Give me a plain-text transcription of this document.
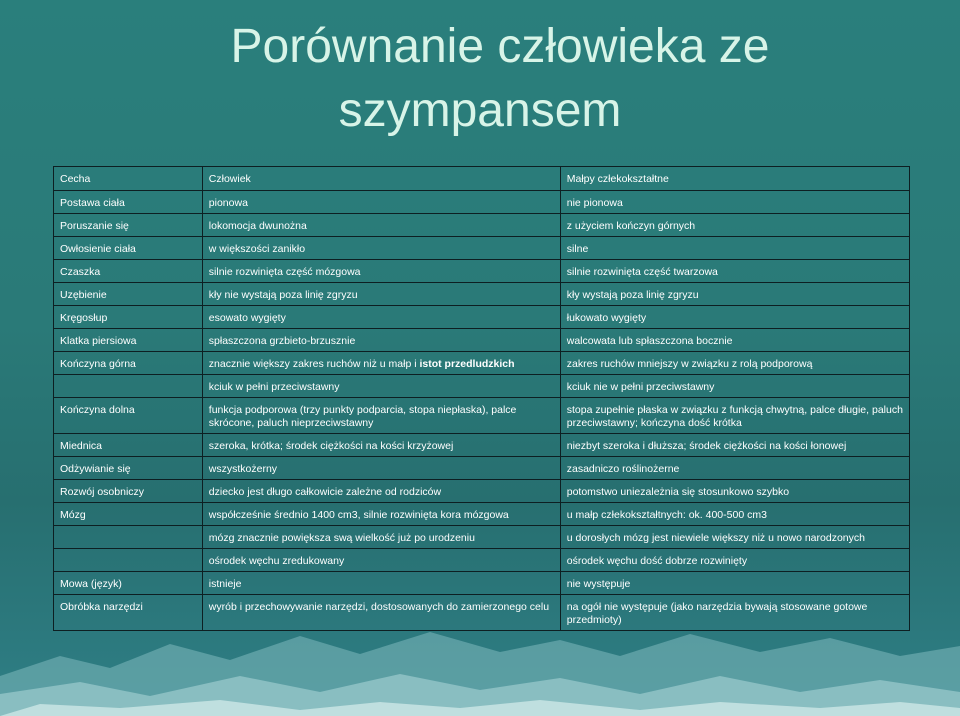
Porównanie człowieka ze
szympansem
Cecha	Człowiek	Małpy człekokształtne
Postawa ciała	pionowa	nie pionowa
Poruszanie się	lokomocja dwunożna	z użyciem kończyn górnych
Owłosienie ciała	w większości zanikło	silne
Czaszka	silnie rozwinięta część mózgowa	silnie rozwinięta część twarzowa
Uzębienie	kły nie wystają poza linię zgryzu	kły wystają poza linię zgryzu
Kręgosłup	esowato wygięty	łukowato wygięty
Klatka piersiowa	spłaszczona grzbieto-brzusznie	walcowata lub spłaszczona bocznie
Kończyna górna	znacznie większy zakres ruchów niż u małp i istot przedludzkich	zakres ruchów mniejszy w związku z rolą podporową
	kciuk w pełni przeciwstawny	kciuk nie w pełni przeciwstawny
Kończyna dolna	funkcja podporowa (trzy punkty podparcia, stopa niepłaska), palce skrócone, paluch nieprzeciwstawny	stopa zupełnie płaska w związku z funkcją chwytną, palce długie, paluch przeciwstawny; kończyna dość krótka
Miednica	szeroka, krótka; środek ciężkości na kości krzyżowej	niezbyt szeroka i dłuższa; środek ciężkości na kości łonowej
Odżywianie się	wszystkożerny	zasadniczo roślinożerne
Rozwój osobniczy	dziecko jest długo całkowicie zależne od rodziców	potomstwo uniezależnia się stosunkowo szybko
Mózg	współcześnie średnio 1400 cm3, silnie rozwinięta kora mózgowa	u małp człekokształtnych: ok. 400-500 cm3
	mózg znacznie powiększa swą wielkość już po urodzeniu	u dorosłych mózg jest niewiele większy niż u nowo narodzonych
	ośrodek węchu zredukowany	ośrodek węchu dość dobrze rozwinięty
Mowa (język)	istnieje	nie występuje
Obróbka narzędzi	wyrób i przechowywanie narzędzi, dostosowanych do zamierzonego celu	na ogół nie występuje (jako narzędzia bywają stosowane gotowe przedmioty)
